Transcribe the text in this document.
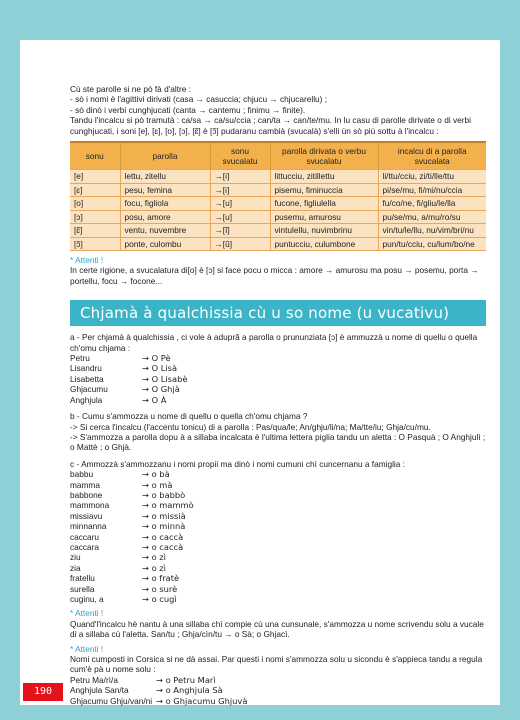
Cù ste parolle si ne pò fà d'altre :

- sò i nomi è l'agittivi dirivati (casa → casuccia; chjucu → chjucarellu) ;

- sò dinò i verbi cunghjucati (canta → cantemu ; finimu → finite).

Tandu l'incalcu si pò tramutà : ca/sa → ca/su/ccia ; can/ta → can/te/mu. In lu casu di parolle dirivate o di verbi cunghjucati, i soni [e], [ɛ], [o], [ɔ], [ɛ̃] è [ɔ̃] pudaranu cambià (svucalà) s'elli ùn sò più sottu à l'incalcu :

sonu	parolla	sonu svucalatu	parolla dirivata o verbu svucalatu	incalcu di a parolla svucalata
[e]	lettu, zitellu	→[i]	littucciu, zitillettu	li/ttu/cciu, zi/ti/lle/ttu
[ɛ]	pesu, femina	→[i]	pisemu, fiminuccia	pi/se/mu, fi/mi/nu/ccia
[o]	focu, figliola	→[u]	fucone, figliulella	fu/co/ne, fi/gliu/le/lla
[ɔ]	posu, amore	→[u]	pusemu, amurosu	pu/se/mu, a/mu/ro/su
[ɛ̃]	ventu, nuvembre	→[ĩ]	vintulellu, nuvimbrinu	vin/tu/le/llu, nu/vim/bri/nu
[ɔ̃]	ponte, culombu	→[ũ]	puntucciu, culumbone	pun/tu/cciu, cu/lum/bo/ne

* Attenti !

In certe rigione, a svucalatura di[o] è [ɔ] si face pocu o micca : amore → amurosu ma posu → posemu, porta → portellu, focu → focone...

Chjamà à qualchissia cù u so nome (u vucativu)

a - Per chjamà à qualchissia , ci vole à adupră a parolla o prununziata [ɔ] è ammuzzà u nome di quellu o quella ch'omu chjama :

Petru	→ O Pè
Lisandru	→ O Lisà
Lisabetta	→ O Lisabè
Ghjacumu	→ O Ghjà
Anghjula	→ O À

b - Cumu s'ammozza u nome di quellu o quella ch'omu chjama ?

-> Si cerca l'incalcu (l'accentu tonicu) di a parolla : Pas/qua/le; An/ghju/li/na; Ma/tte/iu; Ghja/cu/mu.

-> S'ammozza a parolla dopu à a sillaba incalcata è l'ultima lettera piglia tandu un aletta : O Pasquà ; O Anghjulì ; o Mattè ; o Ghjà.

c - Ammozzà s'ammozzanu i nomi propii ma dinò i nomi cumuni chì cuncernanu a famiglia :

babbu	→ o bà
mamma	→ o mà
babbone	→ o babbò
mammona	→ o mammò
missiavu	→ o missià
minnanna	→ o minnà
caccaru	→ o caccà
caccara	→ o caccà
ziu	→ o zì
zia	→ o zì
fratellu	→ o fratè
surella	→ o surè
cuginu, a	→ o cugì

* Attenti !

Quand'l'incalcu hè nantu à una sillaba chì compie cù una cunsunale, s'ammozza u nome scrivendu solu a vucale di a sillaba cù l'aletta. San/tu ; Ghja/cìn/tu → o Sà; o Ghjacì.

* Attenti !

Nomi cumposti in Corsica si ne dà assai. Par questi i nomi s'ammozza solu u sicondu è s'appieca tandu a regula cum'è pà u nome solu :

Petru Ma/rì/a	→ o Petru Marì
Anghjula San/ta	→ o Anghjula Sà
Ghjacumu Ghju/van/ni → o Ghjacumu Ghjuvà
190
